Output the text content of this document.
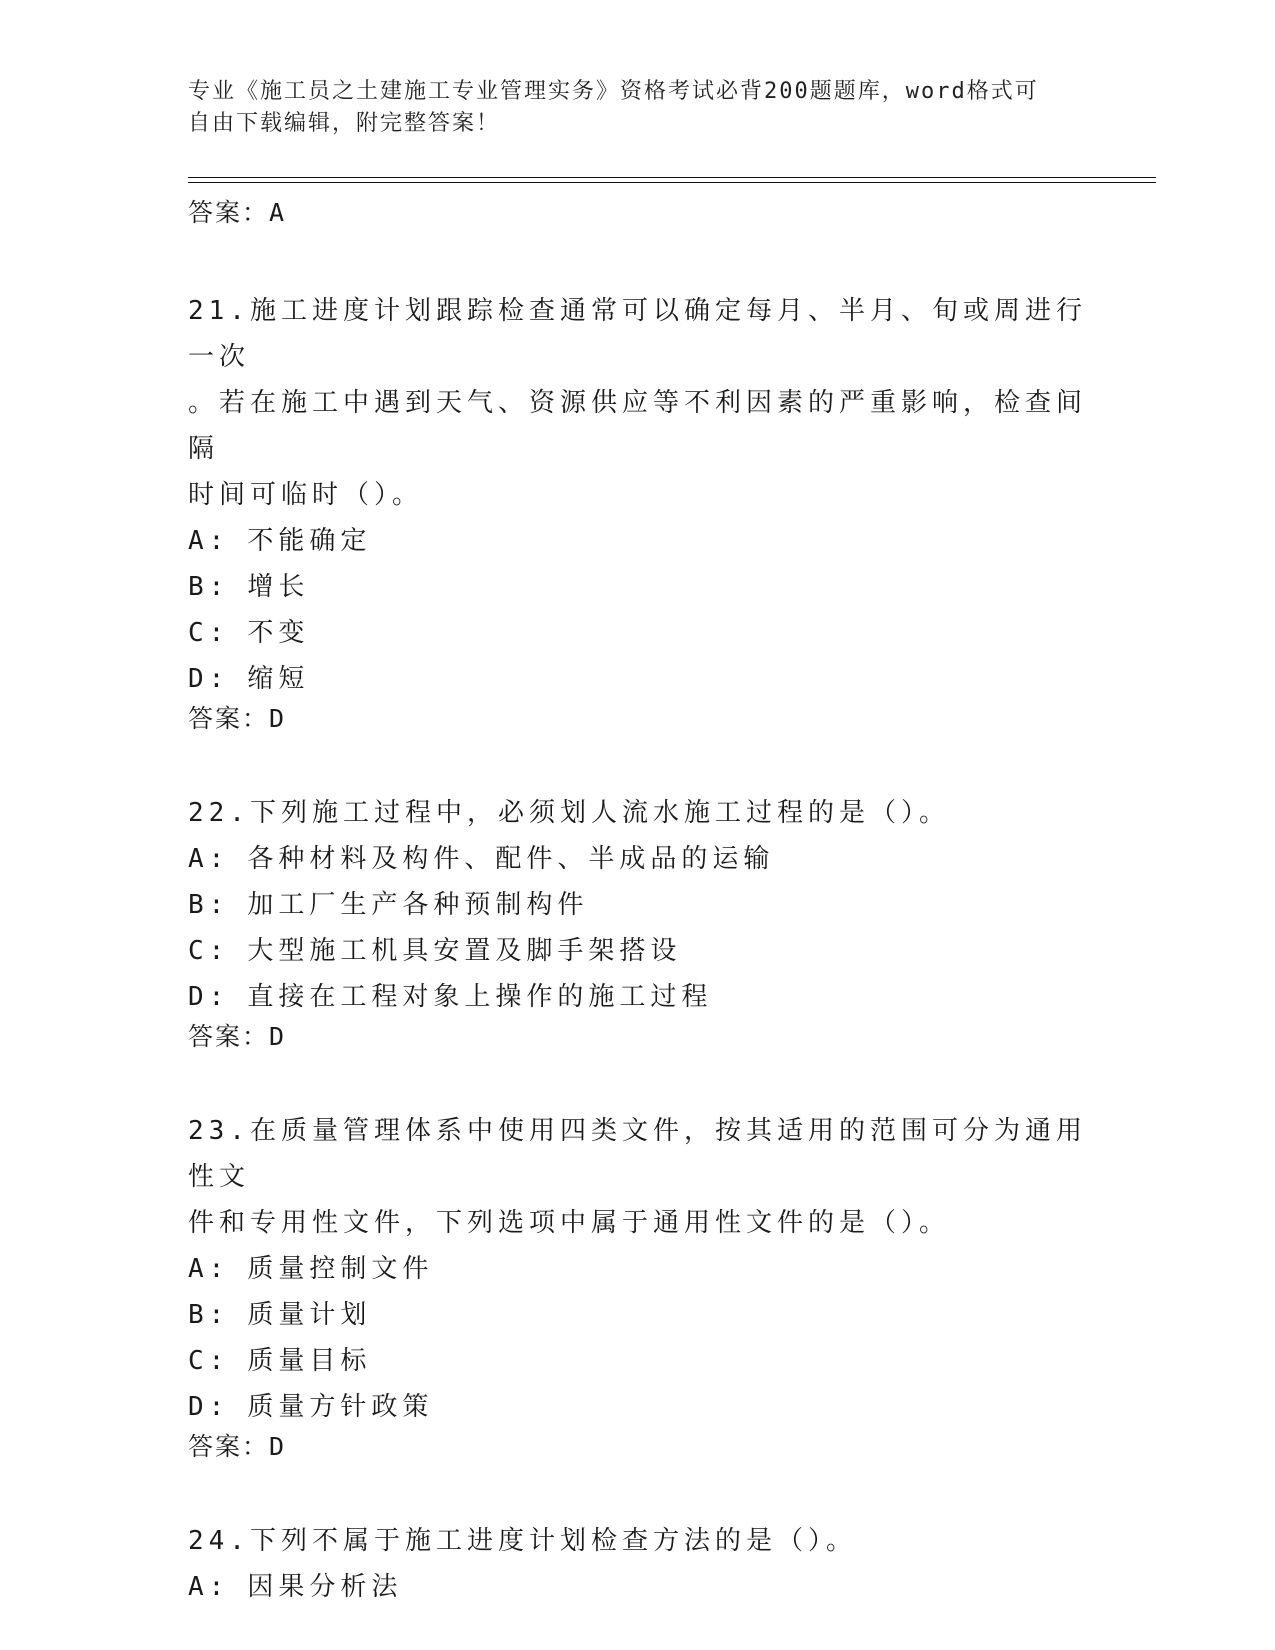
专业《施工员之土建施工专业管理实务》资格考试必背200题题库，word格式可
自由下载编辑，附完整答案！

答案：A

21.施工进度计划跟踪检查通常可以确定每月、半月、旬或周进行一次

。若在施工中遇到天气、资源供应等不利因素的严重影响，检查间隔

时间可临时（）。

A: 不能确定

B: 增长

C: 不变

D: 缩短

答案：D

22.下列施工过程中，必须划人流水施工过程的是（）。

A: 各种材料及构件、配件、半成品的运输

B: 加工厂生产各种预制构件

C: 大型施工机具安置及脚手架搭设

D: 直接在工程对象上操作的施工过程

答案：D

23.在质量管理体系中使用四类文件，按其适用的范围可分为通用性文

件和专用性文件，下列选项中属于通用性文件的是（）。

A: 质量控制文件

B: 质量计划

C: 质量目标

D: 质量方针政策

答案：D

24.下列不属于施工进度计划检查方法的是（）。

A: 因果分析法
